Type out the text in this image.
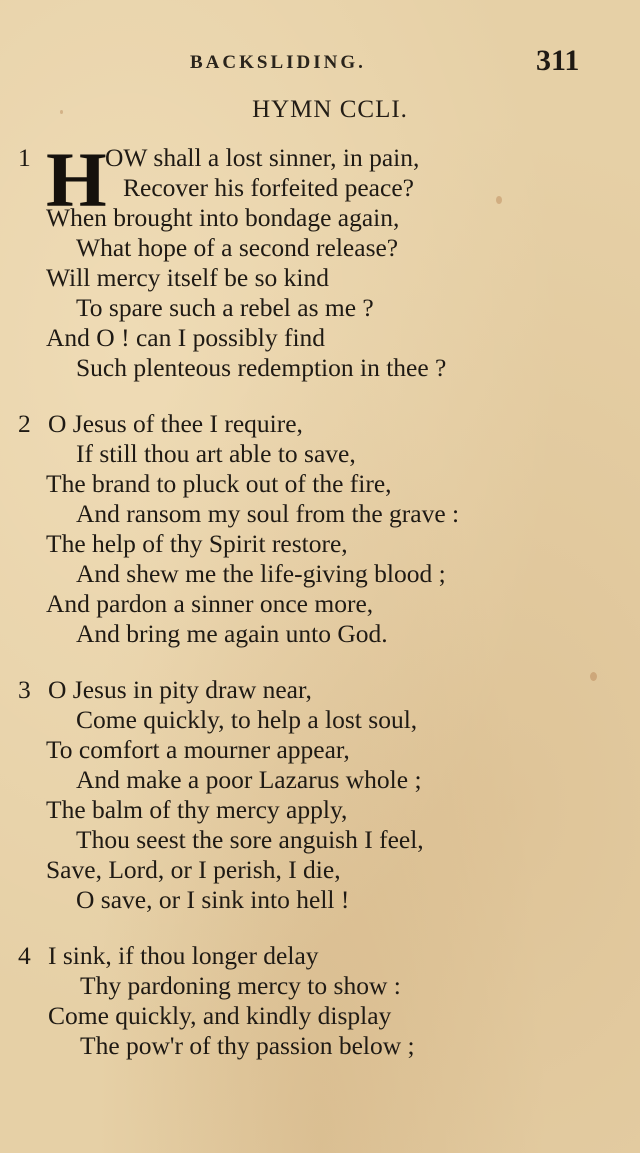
BACKSLIDING.	311
HYMN CCLI.
1 H OW shall a lost sinner, in pain,
Recover his forfeited peace?
When brought into bondage again,
What hope of a second release?
Will mercy itself be so kind
To spare such a rebel as me ?
And O ! can I possibly find
Such plenteous redemption in thee ?
2 O Jesus of thee I require,
If still thou art able to save,
The brand to pluck out of the fire,
And ransom my soul from the grave :
The help of thy Spirit restore,
And shew me the life-giving blood ;
And pardon a sinner once more,
And bring me again unto God.
3 O Jesus in pity draw near,
Come quickly, to help a lost soul,
To comfort a mourner appear,
And make a poor Lazarus whole ;
The balm of thy mercy apply,
Thou seest the sore anguish I feel,
Save, Lord, or I perish, I die,
O save, or I sink into hell !
4 I sink, if thou longer delay
Thy pardoning mercy to show :
Come quickly, and kindly display
The pow'r of thy passion below ;
